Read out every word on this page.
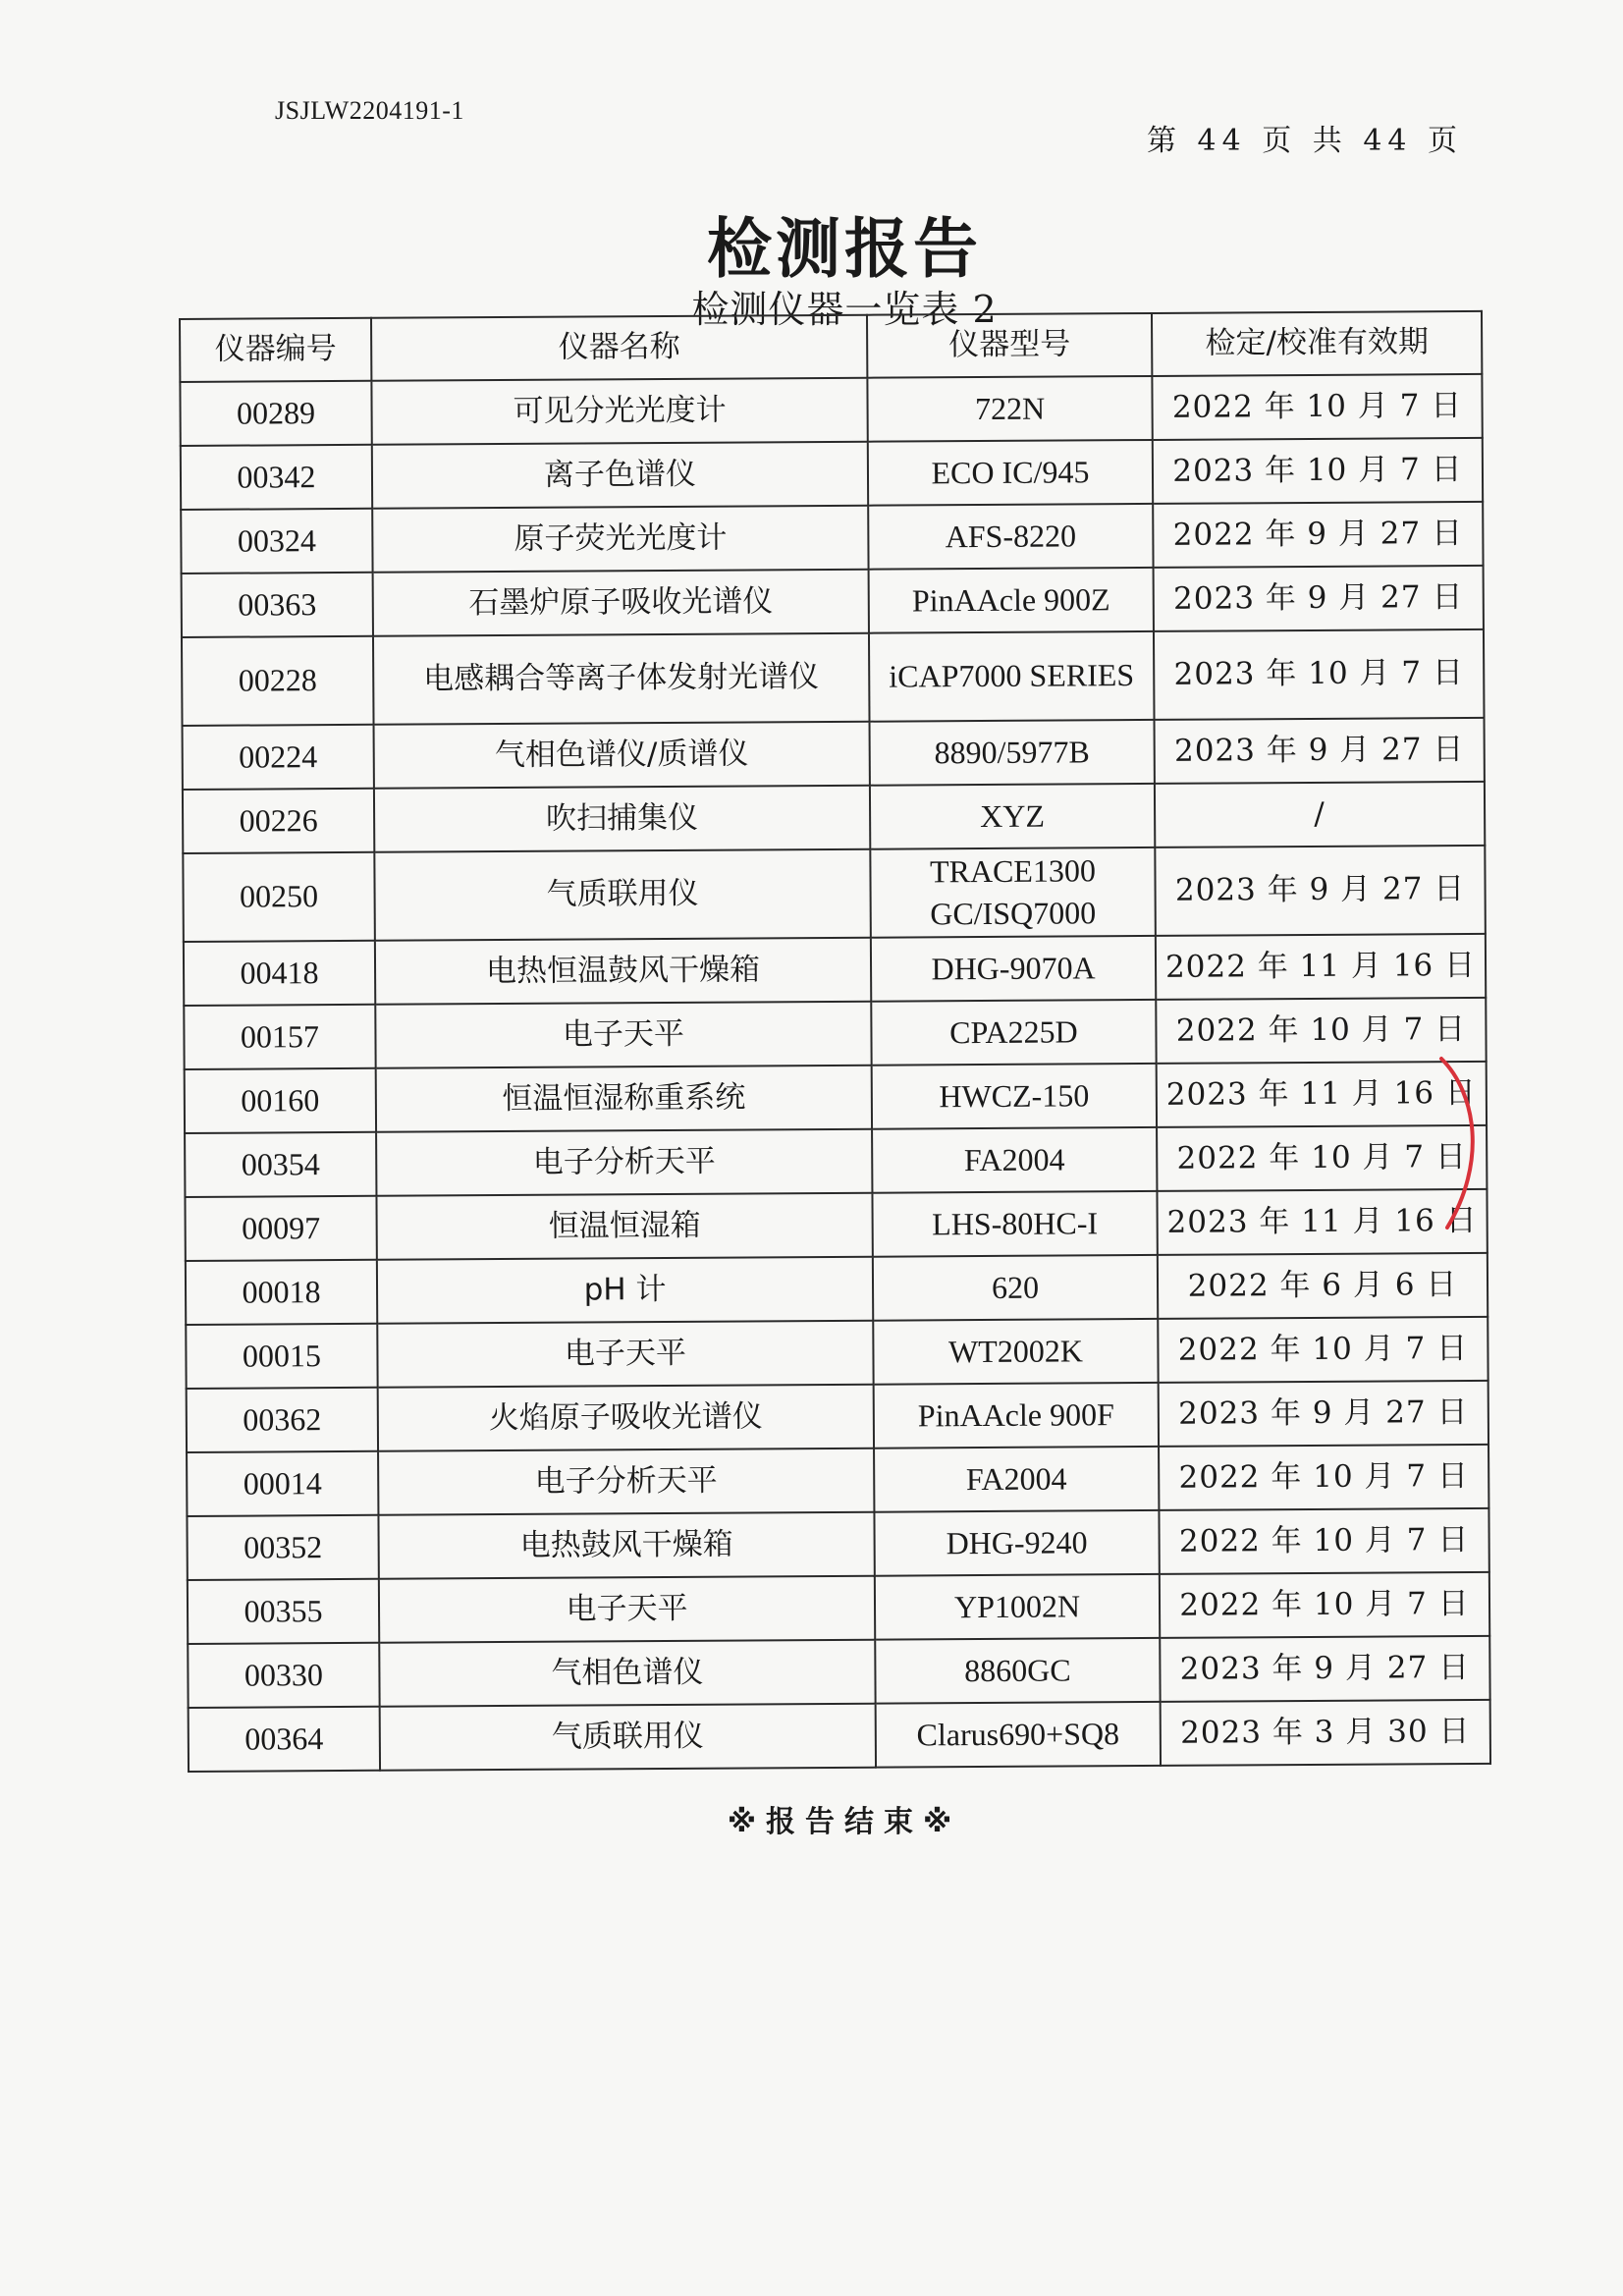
JSJLW2204191-1
第 44 页 共 44 页
检测报告
检测仪器一览表 2
仪器编号	仪器名称	仪器型号	检定/校准有效期
00289	可见分光光度计	722N	2022 年 10 月 7 日
00342	离子色谱仪	ECO IC/945	2023 年 10 月 7 日
00324	原子荧光光度计	AFS-8220	2022 年 9 月 27 日
00363	石墨炉原子吸收光谱仪	PinAAcle 900Z	2023 年 9 月 27 日
00228	电感耦合等离子体发射光谱仪	iCAP7000 SERIES	2023 年 10 月 7 日
00224	气相色谱仪/质谱仪	8890/5977B	2023 年 9 月 27 日
00226	吹扫捕集仪	XYZ	/
00250	气质联用仪	TRACE1300 GC/ISQ7000	2023 年 9 月 27 日
00418	电热恒温鼓风干燥箱	DHG-9070A	2022 年 11 月 16 日
00157	电子天平	CPA225D	2022 年 10 月 7 日
00160	恒温恒湿称重系统	HWCZ-150	2023 年 11 月 16 日
00354	电子分析天平	FA2004	2022 年 10 月 7 日
00097	恒温恒湿箱	LHS-80HC-I	2023 年 11 月 16 日
00018	pH 计	620	2022 年 6 月 6 日
00015	电子天平	WT2002K	2022 年 10 月 7 日
00362	火焰原子吸收光谱仪	PinAAcle 900F	2023 年 9 月 27 日
00014	电子分析天平	FA2004	2022 年 10 月 7 日
00352	电热鼓风干燥箱	DHG-9240	2022 年 10 月 7 日
00355	电子天平	YP1002N	2022 年 10 月 7 日
00330	气相色谱仪	8860GC	2023 年 9 月 27 日
00364	气质联用仪	Clarus690+SQ8	2023 年 3 月 30 日
※报告结束※
